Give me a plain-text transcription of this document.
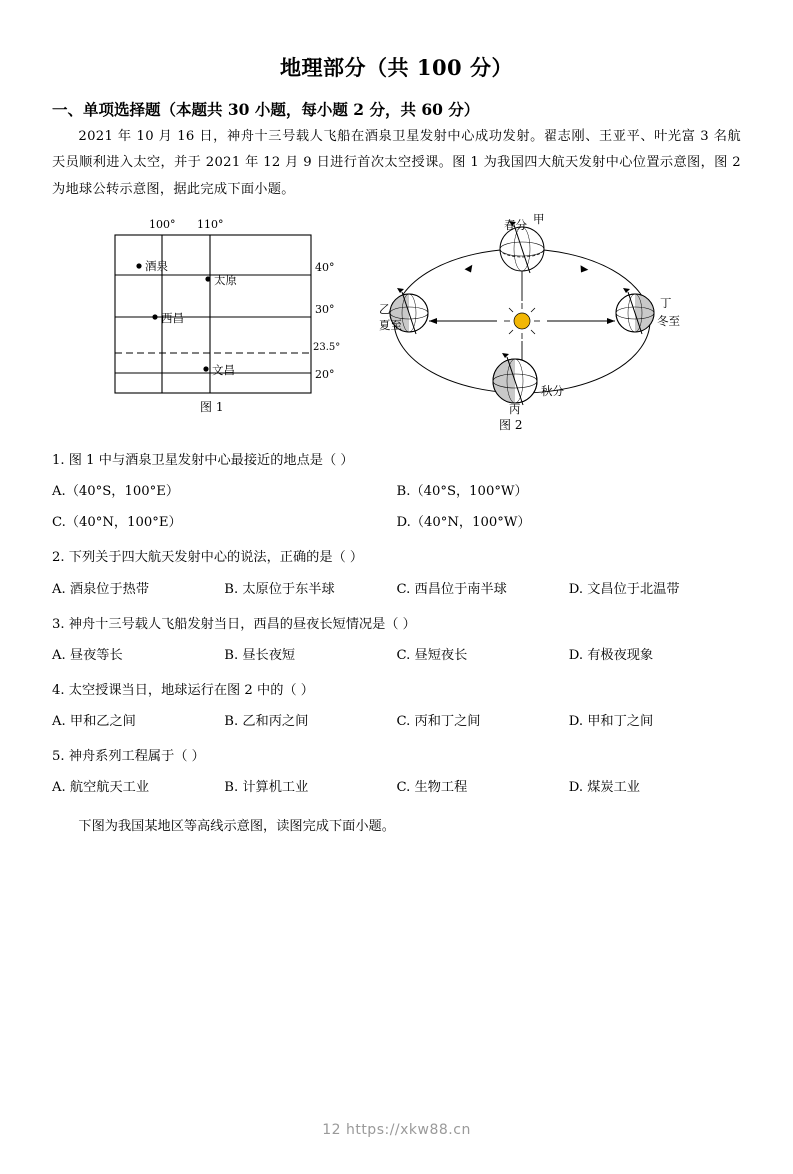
地理部分（共 100 分）
一、单项选择题（本题共 30 小题，每小题 2 分，共 60 分）
2021 年 10 月 16 日，神舟十三号载人飞船在酒泉卫星发射中心成功发射。翟志刚、王亚平、叶光富 3 名航天员顺利进入太空，并于 2021 年 12 月 9 日进行首次太空授课。图 1 为我国四大航天发射中心位置示意图，图 2 为地球公转示意图，据此完成下面小题。
100° 110°
40°
30°
23.5°
20°
酒泉
太原
西昌
文昌
图 1
春分 甲
乙
夏至
丁
冬至
秋分
丙
图 2
1. 图 1 中与酒泉卫星发射中心最接近的地点是（ ）
A.（40°S，100°E）	B.（40°S，100°W）
C.（40°N，100°E）	D.（40°N，100°W）
2. 下列关于四大航天发射中心的说法，正确的是（ ）
A. 酒泉位于热带	B. 太原位于东半球	C. 西昌位于南半球	D. 文昌位于北温带
3. 神舟十三号载人飞船发射当日，西昌的昼夜长短情况是（ ）
A. 昼夜等长	B. 昼长夜短	C. 昼短夜长	D. 有极夜现象
4. 太空授课当日，地球运行在图 2 中的（ ）
A. 甲和乙之间	B. 乙和丙之间	C. 丙和丁之间	D. 甲和丁之间
5. 神舟系列工程属于（ ）
A. 航空航天工业	B. 计算机工业	C. 生物工程	D. 煤炭工业
下图为我国某地区等高线示意图，读图完成下面小题。
12 https://xkw88.cn
